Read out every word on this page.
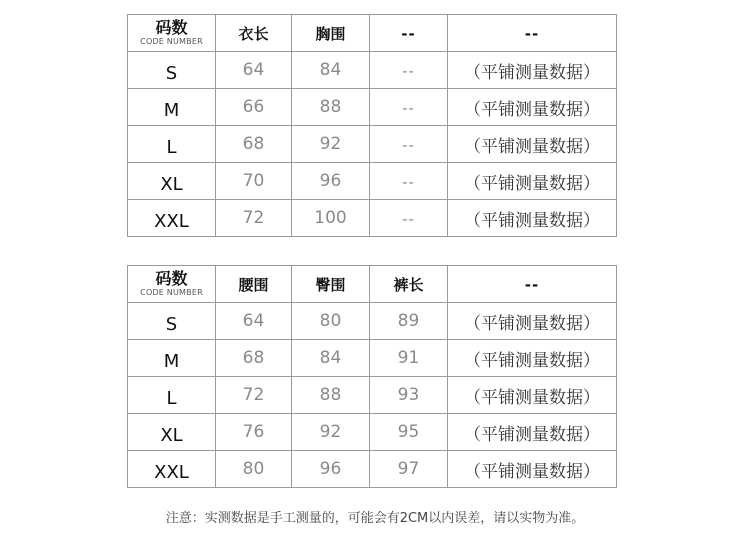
码数
CODE NUMBER	衣长	胸围	--	--
S	64	84	--	（平铺测量数据）
M	66	88	--	（平铺测量数据）
L	68	92	--	（平铺测量数据）
XL	70	96	--	（平铺测量数据）
XXL	72	100	--	（平铺测量数据）
码数
CODE NUMBER	腰围	臀围	裤长	--
S	64	80	89	（平铺测量数据）
M	68	84	91	（平铺测量数据）
L	72	88	93	（平铺测量数据）
XL	76	92	95	（平铺测量数据）
XXL	80	96	97	（平铺测量数据）
注意：实测数据是手工测量的，可能会有2CM以内误差，请以实物为准。
